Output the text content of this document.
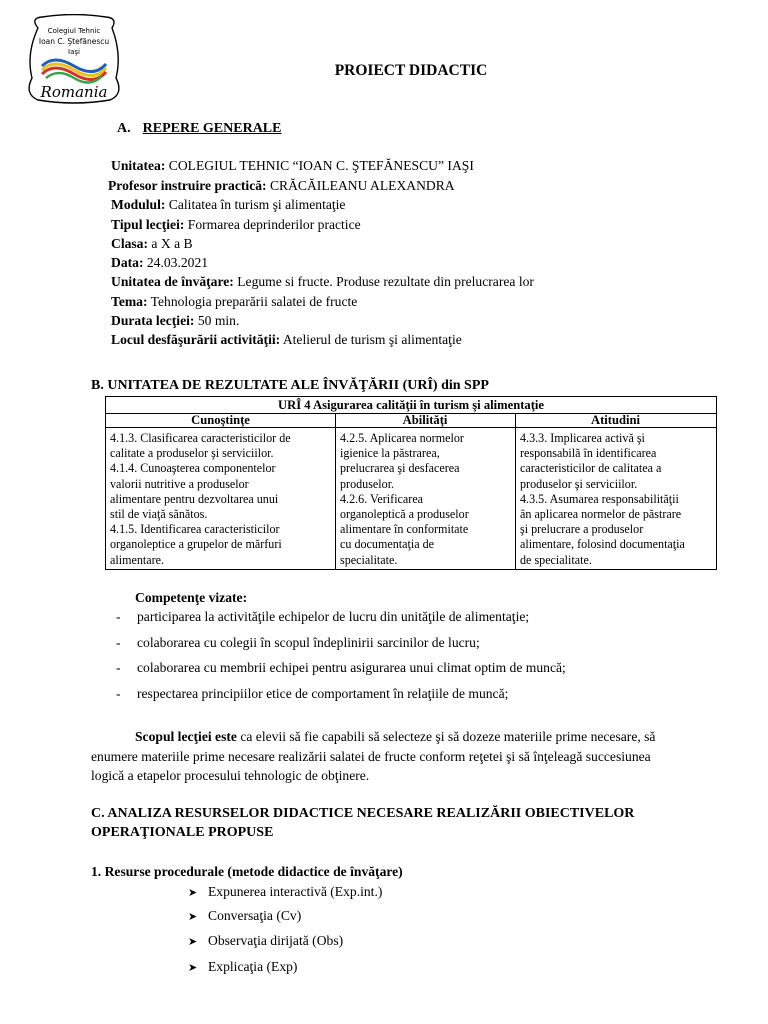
Colegiul Tehnic
Ioan C. Ştefănescu
Iaşi
Romania
PROIECT DIDACTIC
A. REPERE GENERALE
Unitatea: COLEGIUL TEHNIC “IOAN C. ŞTEFĂNESCU” IAŞI
Profesor instruire practică: CRĂCĂILEANU ALEXANDRA
Modulul: Calitatea în turism şi alimentaţie
Tipul lecţiei: Formarea deprinderilor practice
Clasa: a X a B
Data: 24.03.2021
Unitatea de învăţare: Legume si fructe. Produse rezultate din prelucrarea lor
Tema: Tehnologia preparării salatei de fructe
Durata lecţiei: 50 min.
Locul desfăşurării activităţii: Atelierul de turism şi alimentaţie
B. UNITATEA DE REZULTATE ALE ÎNVĂŢĂRII (URÎ) din SPP
URÎ 4 Asigurarea calităţii în turism şi alimentaţie
Cunoştinţe	Abilităţi	Atitudini
4.1.3. Clasificarea caracteristicilor de
calitate a produselor şi serviciilor.
4.1.4. Cunoaşterea componentelor
valorii nutritive a produselor
alimentare pentru dezvoltarea unui
stil de viaţă sănătos.
4.1.5. Identificarea caracteristicilor
organoleptice a grupelor de mărfuri
alimentare.
4.2.5. Aplicarea normelor
igienice la păstrarea,
prelucrarea şi desfacerea
produselor.
4.2.6. Verificarea
organoleptică a produselor
alimentare în conformitate
cu documentaţia de
specialitate.
4.3.3. Implicarea activă şi
responsabilă în identificarea
caracteristicilor de calitatea a
produselor şi serviciilor.
4.3.5. Asumarea responsabilităţii
ân aplicarea normelor de păstrare
şi prelucrare a produselor
alimentare, folosind documentaţia
de specialitate.
Competenţe vizate:
- participarea la activităţile echipelor de lucru din unităţile de alimentaţie;
- colaborarea cu colegii în scopul îndeplinirii sarcinilor de lucru;
- colaborarea cu membrii echipei pentru asigurarea unui climat optim de muncă;
- respectarea principiilor etice de comportament în relaţiile de muncă;
Scopul lecţiei este ca elevii să fie capabili să selecteze şi să dozeze materiile prime necesare, să
enumere materiile prime necesare realizării salatei de fructe conform reţetei şi să înţeleagă succesiunea
logică a etapelor procesului tehnologic de obţinere.
C. ANALIZA RESURSELOR DIDACTICE NECESARE REALIZĂRII OBIECTIVELOR
OPERAŢIONALE PROPUSE
1. Resurse procedurale (metode didactice de învăţare)
➤ Expunerea interactivă (Exp.int.)
➤ Conversaţia (Cv)
➤ Observaţia dirijată (Obs)
➤ Explicaţia (Exp)
